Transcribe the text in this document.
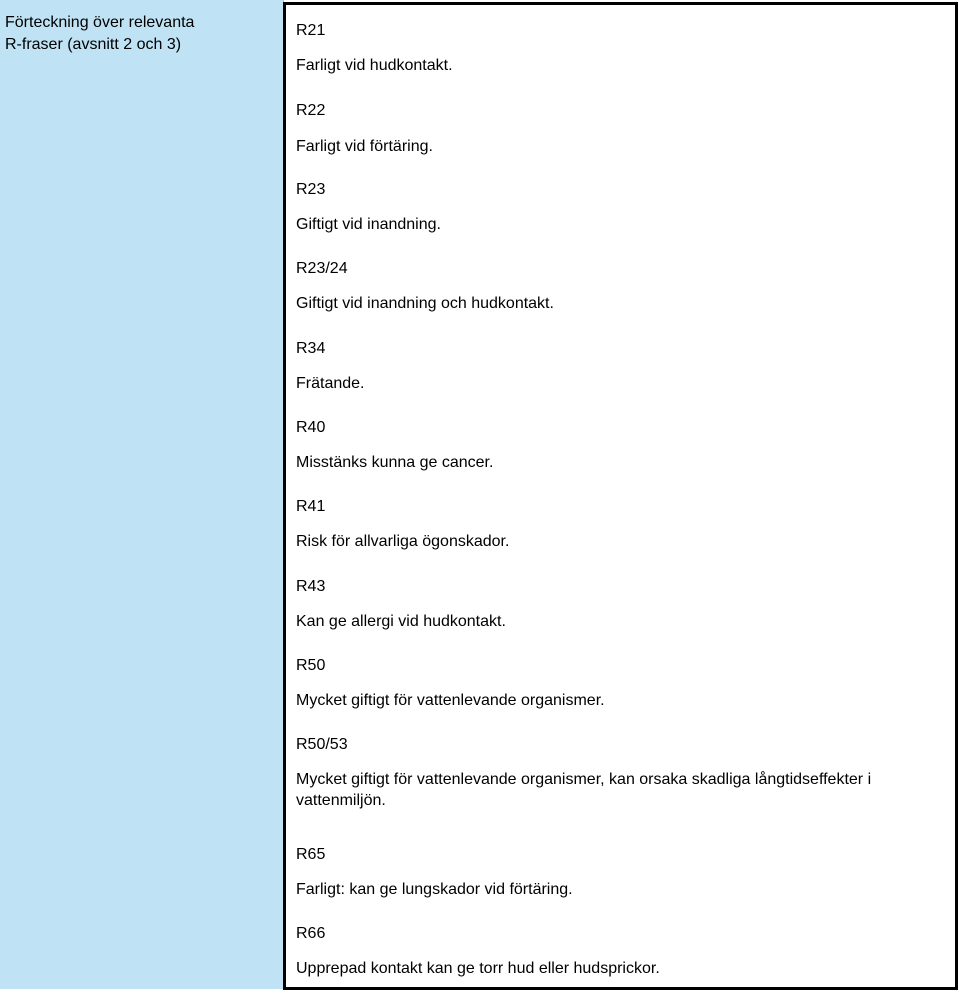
Förteckning över relevanta
R-fraser (avsnitt 2 och 3)

R21

Farligt vid hudkontakt.

R22

Farligt vid förtäring.

R23

Giftigt vid inandning.

R23/24

Giftigt vid inandning och hudkontakt.

R34

Frätande.

R40

Misstänks kunna ge cancer.

R41

Risk för allvarliga ögonskador.

R43

Kan ge allergi vid hudkontakt.

R50

Mycket giftigt för vattenlevande organismer.

R50/53

Mycket giftigt för vattenlevande organismer, kan orsaka skadliga långtidseffekter i vattenmiljön.

R65

Farligt: kan ge lungskador vid förtäring.

R66

Upprepad kontakt kan ge torr hud eller hudsprickor.
